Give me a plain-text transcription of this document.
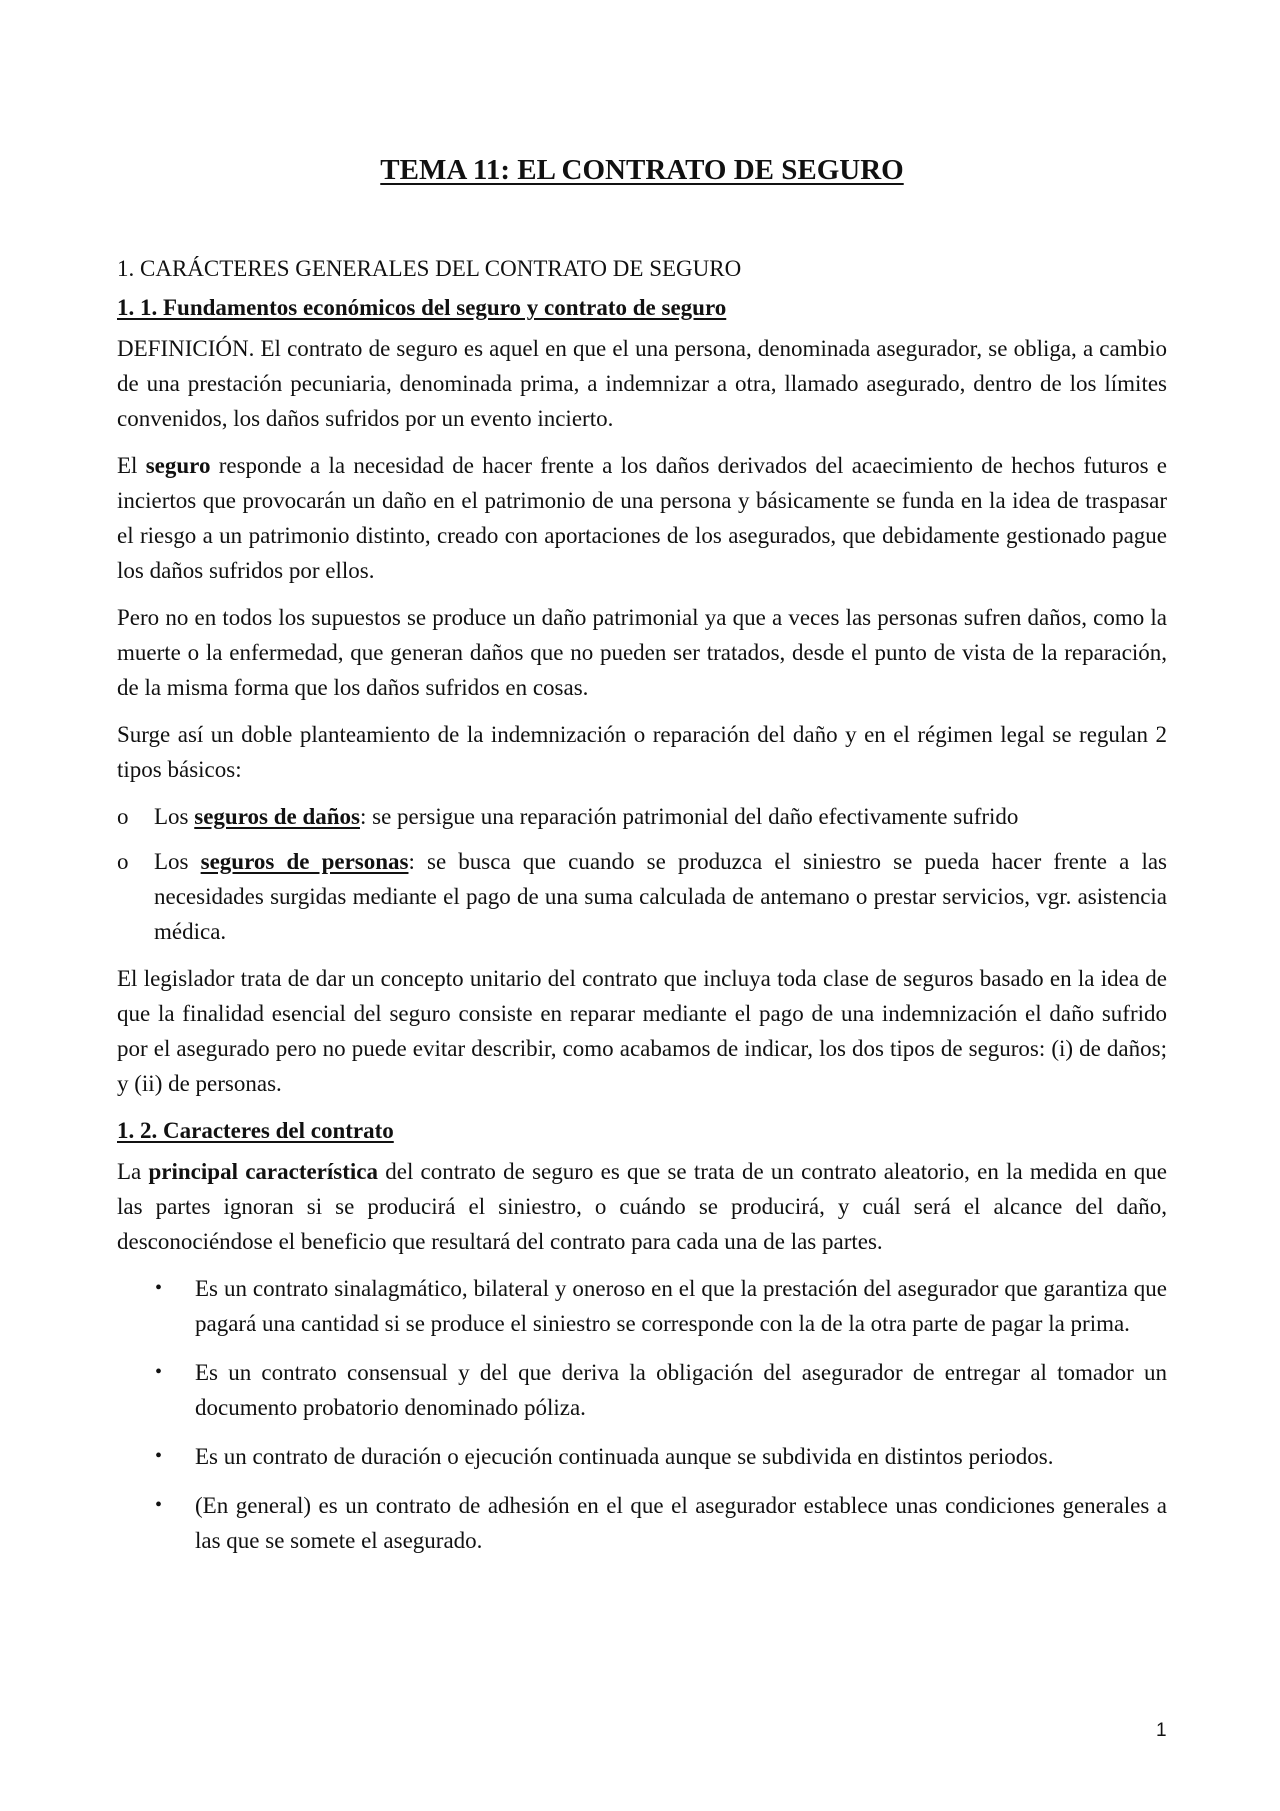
TEMA 11: EL CONTRATO DE SEGURO

1. CARÁCTERES GENERALES DEL CONTRATO DE SEGURO

1. 1. Fundamentos económicos del seguro y contrato de seguro

DEFINICIÓN. El contrato de seguro es aquel en que el una persona, denominada asegurador, se obliga, a cambio de una prestación pecuniaria, denominada prima, a indemnizar a otra, llamado asegurado, dentro de los límites convenidos, los daños sufridos por un evento incierto.

El seguro responde a la necesidad de hacer frente a los daños derivados del acaecimiento de hechos futuros e inciertos que provocarán un daño en el patrimonio de una persona y básicamente se funda en la idea de traspasar el riesgo a un patrimonio distinto, creado con aportaciones de los asegurados, que debidamente gestionado pague los daños sufridos por ellos.

Pero no en todos los supuestos se produce un daño patrimonial ya que a veces las personas sufren daños, como la muerte o la enfermedad, que generan daños que no pueden ser tratados, desde el punto de vista de la reparación, de la misma forma que los daños sufridos en cosas.

Surge así un doble planteamiento de la indemnización o reparación del daño y en el régimen legal se regulan 2 tipos básicos:

o Los seguros de daños: se persigue una reparación patrimonial del daño efectivamente sufrido
o Los seguros de personas: se busca que cuando se produzca el siniestro se pueda hacer frente a las necesidades surgidas mediante el pago de una suma calculada de antemano o prestar servicios, vgr. asistencia médica.

El legislador trata de dar un concepto unitario del contrato que incluya toda clase de seguros basado en la idea de que la finalidad esencial del seguro consiste en reparar mediante el pago de una indemnización el daño sufrido por el asegurado pero no puede evitar describir, como acabamos de indicar, los dos tipos de seguros: (i) de daños; y (ii) de personas.

1. 2. Caracteres del contrato

La principal característica del contrato de seguro es que se trata de un contrato aleatorio, en la medida en que las partes ignoran si se producirá el siniestro, o cuándo se producirá, y cuál será el alcance del daño, desconociéndose el beneficio que resultará del contrato para cada una de las partes.

• Es un contrato sinalagmático, bilateral y oneroso en el que la prestación del asegurador que garantiza que pagará una cantidad si se produce el siniestro se corresponde con la de la otra parte de pagar la prima.
• Es un contrato consensual y del que deriva la obligación del asegurador de entregar al tomador un documento probatorio denominado póliza.
• Es un contrato de duración o ejecución continuada aunque se subdivida en distintos periodos.
• (En general) es un contrato de adhesión en el que el asegurador establece unas condiciones generales a las que se somete el asegurado.
1
